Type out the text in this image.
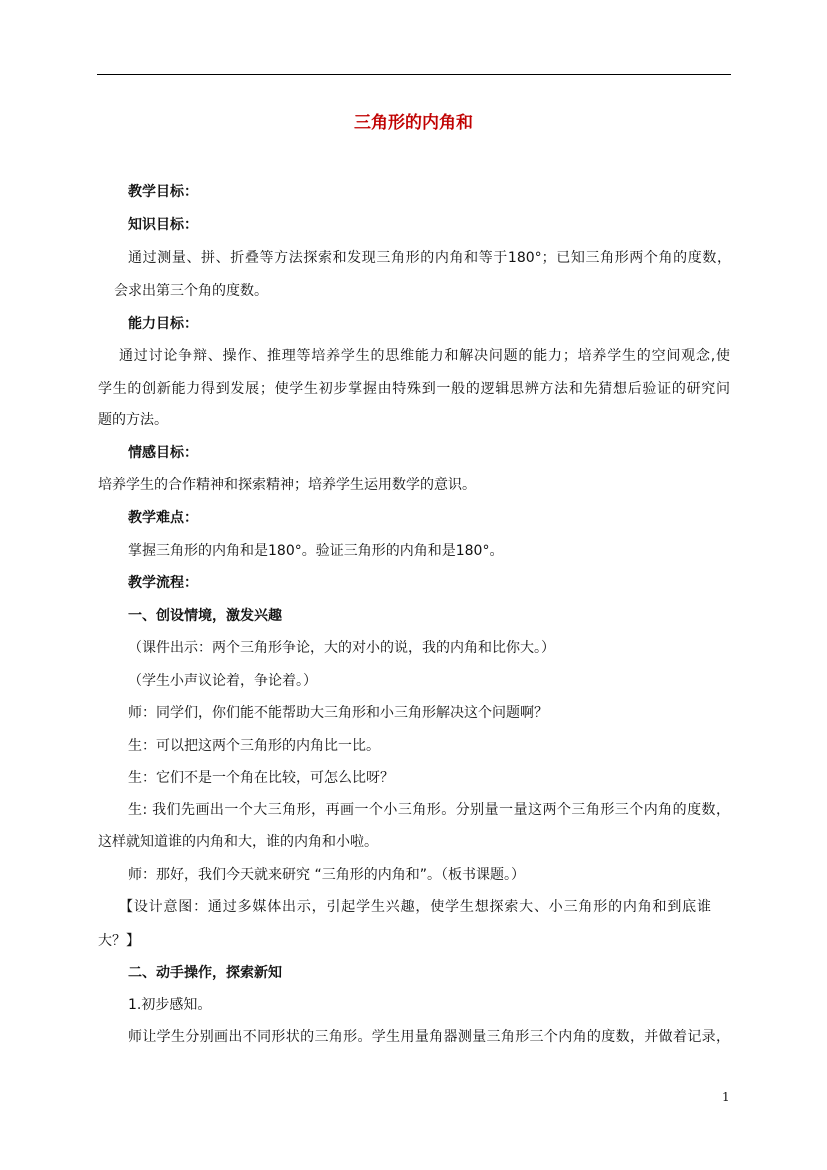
三角形的内角和
教学目标：
知识目标：
通过测量、拼、折叠等方法探索和发现三角形的内角和等于180°；已知三角形两个角的度数，
会求出第三个角的度数。
能力目标：
通过讨论争辩、操作、推理等培养学生的思维能力和解决问题的能力；培养学生的空间观念,使
学生的创新能力得到发展；使学生初步掌握由特殊到一般的逻辑思辨方法和先猜想后验证的研究问
题的方法。
情感目标：
培养学生的合作精神和探索精神；培养学生运用数学的意识。
教学难点：
掌握三角形的内角和是180°。验证三角形的内角和是180°。
教学流程：
一、创设情境，激发兴趣
（课件出示：两个三角形争论，大的对小的说，我的内角和比你大。）
（学生小声议论着，争论着。）
师：同学们，你们能不能帮助大三角形和小三角形解决这个问题啊？
生：可以把这两个三角形的内角比一比。
生：它们不是一个角在比较，可怎么比呀？
生: 我们先画出一个大三角形，再画一个小三角形。分别量一量这两个三角形三个内角的度数，
这样就知道谁的内角和大，谁的内角和小啦。
师：那好，我们今天就来研究 “三角形的内角和”。（板书课题。）
【设计意图：通过多媒体出示，引起学生兴趣，使学生想探索大、小三角形的内角和到底谁
大？】
二、动手操作，探索新知
1.初步感知。
师让学生分别画出不同形状的三角形。学生用量角器测量三角形三个内角的度数，并做着记录，
1
